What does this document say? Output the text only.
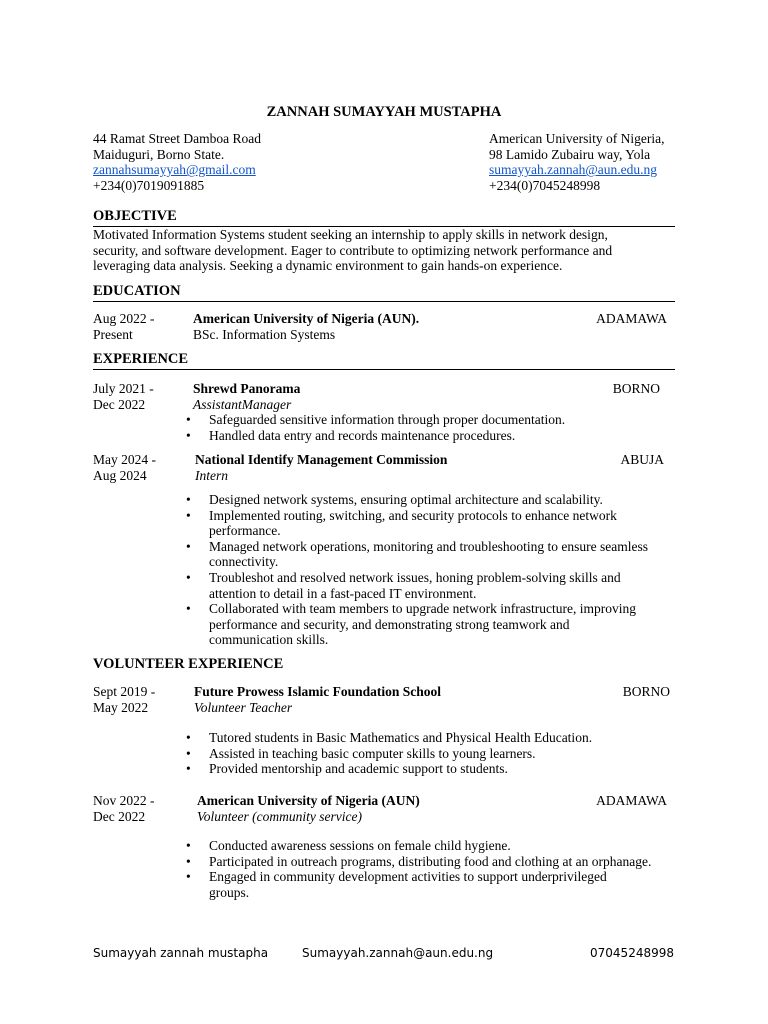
ZANNAH SUMAYYAH MUSTAPHA
44 Ramat Street Damboa Road
Maiduguri, Borno State.
zannahsumayyah@gmail.com
+234(0)7019091885
American University of Nigeria,
98 Lamido Zubairu way, Yola
sumayyah.zannah@aun.edu.ng
+234(0)7045248998
OBJECTIVE
Motivated Information Systems student seeking an internship to apply skills in network design,
security, and software development. Eager to contribute to optimizing network performance and
leveraging data analysis. Seeking a dynamic environment to gain hands-on experience.
EDUCATION
Aug 2022 -
Present
American University of Nigeria (AUN).
BSc. Information Systems
ADAMAWA
EXPERIENCE
July 2021 -
Dec 2022
Shrewd Panorama
AssistantManager
BORNO
• Safeguarded sensitive information through proper documentation.
• Handled data entry and records maintenance procedures.
May 2024 -
Aug 2024
National Identify Management Commission
Intern
ABUJA
• Designed network systems, ensuring optimal architecture and scalability.
• Implemented routing, switching, and security protocols to enhance network
performance.
• Managed network operations, monitoring and troubleshooting to ensure seamless
connectivity.
• Troubleshot and resolved network issues, honing problem-solving skills and
attention to detail in a fast-paced IT environment.
• Collaborated with team members to upgrade network infrastructure, improving
performance and security, and demonstrating strong teamwork and
communication skills.
VOLUNTEER EXPERIENCE
Sept 2019 -
May 2022
Future Prowess Islamic Foundation School
Volunteer Teacher
BORNO
• Tutored students in Basic Mathematics and Physical Health Education.
• Assisted in teaching basic computer skills to young learners.
• Provided mentorship and academic support to students.
Nov 2022 -
Dec 2022
American University of Nigeria (AUN)
Volunteer (community service)
ADAMAWA
• Conducted awareness sessions on female child hygiene.
• Participated in outreach programs, distributing food and clothing at an orphanage.
• Engaged in community development activities to support underprivileged
groups.
Sumayyah zannah mustapha	Sumayyah.zannah@aun.edu.ng	07045248998
